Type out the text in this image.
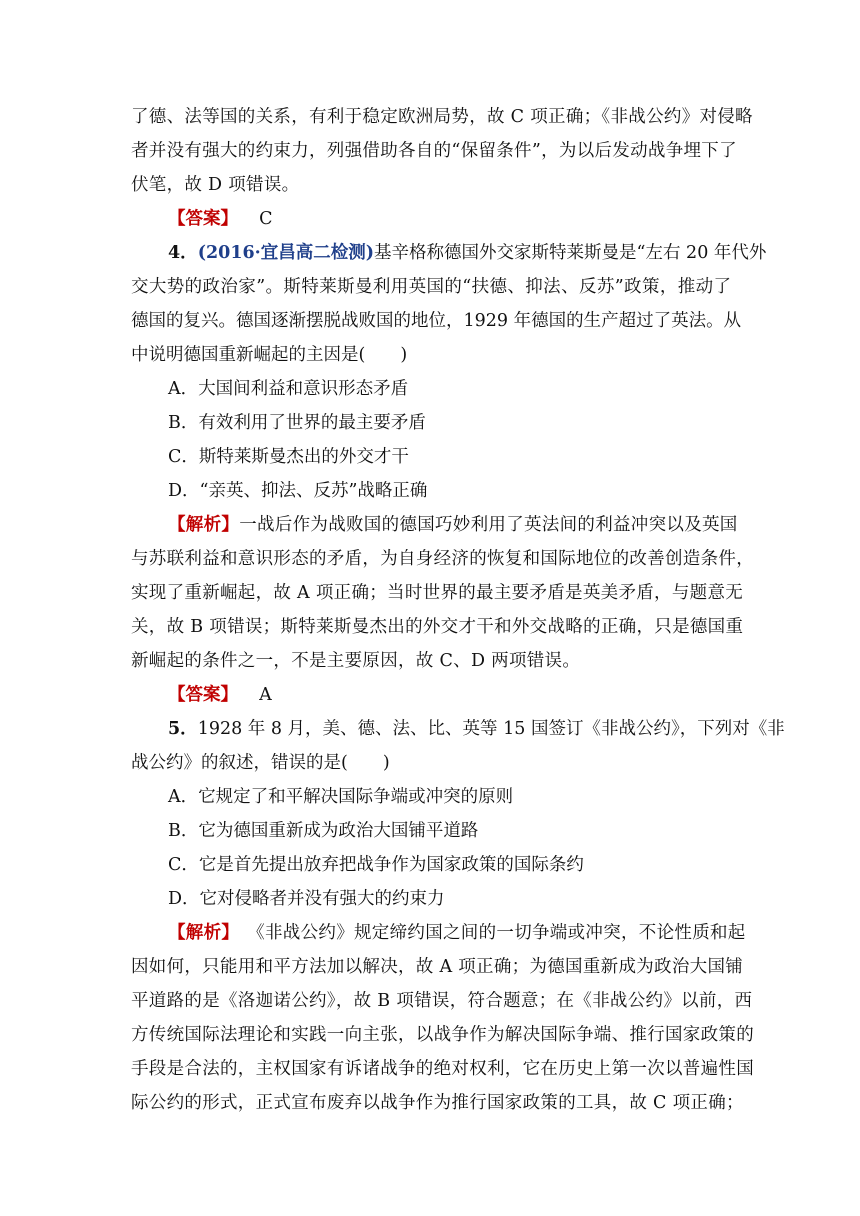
了德、法等国的关系，有利于稳定欧洲局势，故 C 项正确；《非战公约》对侵略
者并没有强大的约束力，列强借助各自的“保留条件”，为以后发动战争埋下了
伏笔，故 D 项错误。
【答案】 C
4．(2016·宜昌高二检测)基辛格称德国外交家斯特莱斯曼是“左右 20 年代外
交大势的政治家”。斯特莱斯曼利用英国的“扶德、抑法、反苏”政策，推动了
德国的复兴。德国逐渐摆脱战败国的地位，1929 年德国的生产超过了英法。从
中说明德国重新崛起的主因是(　　)
A．大国间利益和意识形态矛盾
B．有效利用了世界的最主要矛盾
C．斯特莱斯曼杰出的外交才干
D．“亲英、抑法、反苏”战略正确
【解析】一战后作为战败国的德国巧妙利用了英法间的利益冲突以及英国
与苏联利益和意识形态的矛盾，为自身经济的恢复和国际地位的改善创造条件，
实现了重新崛起，故 A 项正确；当时世界的最主要矛盾是英美矛盾，与题意无
关，故 B 项错误；斯特莱斯曼杰出的外交才干和外交战略的正确，只是德国重
新崛起的条件之一，不是主要原因，故 C、D 两项错误。
【答案】 A
5．1928 年 8 月，美、德、法、比、英等 15 国签订《非战公约》，下列对《非
战公约》的叙述，错误的是(　　)
A．它规定了和平解决国际争端或冲突的原则
B．它为德国重新成为政治大国铺平道路
C．它是首先提出放弃把战争作为国家政策的国际条约
D．它对侵略者并没有强大的约束力
【解析】 《非战公约》规定缔约国之间的一切争端或冲突，不论性质和起
因如何，只能用和平方法加以解决，故 A 项正确；为德国重新成为政治大国铺
平道路的是《洛迦诺公约》，故 B 项错误，符合题意；在《非战公约》以前，西
方传统国际法理论和实践一向主张，以战争作为解决国际争端、推行国家政策的
手段是合法的，主权国家有诉诸战争的绝对权利，它在历史上第一次以普遍性国
际公约的形式，正式宣布废弃以战争作为推行国家政策的工具，故 C 项正确；
